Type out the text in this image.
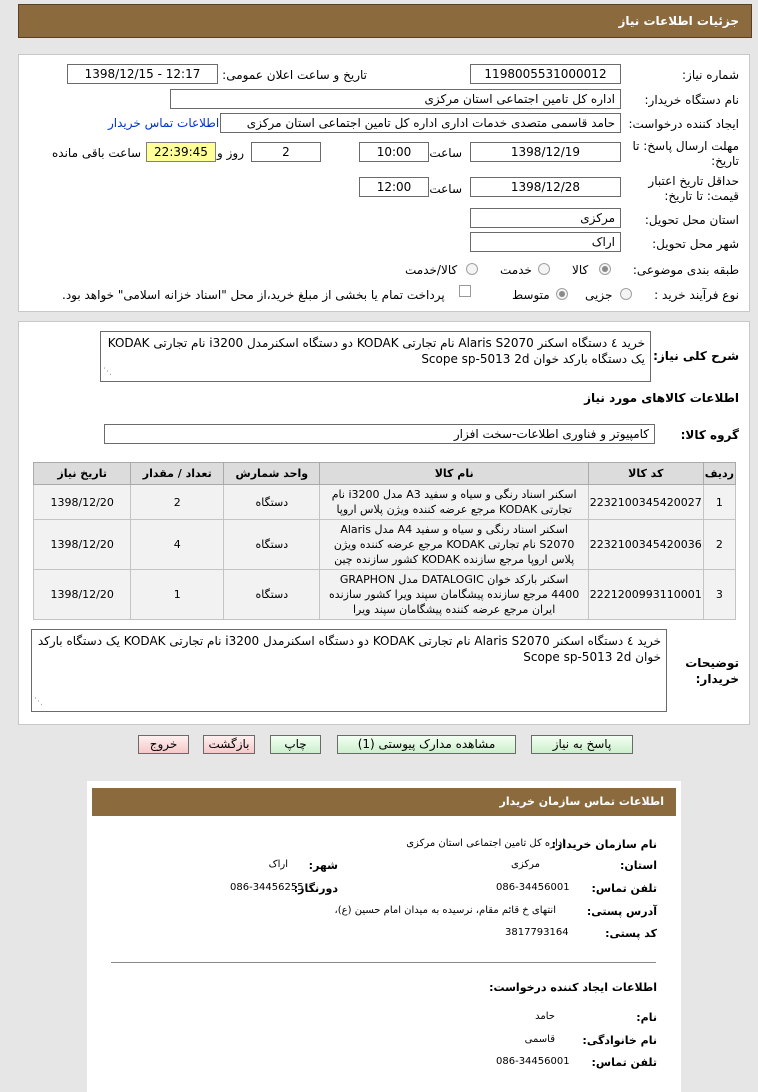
جزئیات اطلاعات نیاز
شماره نیاز:
1198005531000012
تاریخ و ساعت اعلان عمومی:
1398/12/15 - 12:17
نام دستگاه خریدار:
اداره کل تامین اجتماعی استان مرکزی
ایجاد کننده درخواست:
حامد قاسمی متصدی خدمات اداری اداره کل تامین اجتماعی استان مرکزی
اطلاعات تماس خریدار
مهلت ارسال پاسخ: تا
تاریخ:
1398/12/19
ساعت
10:00
2
روز و
22:39:45
ساعت باقی مانده
حداقل تاریخ اعتبار
قیمت: تا تاریخ:
1398/12/28
ساعت
12:00
استان محل تحویل:
مرکزی
شهر محل تحویل:
اراک
طبقه بندی موضوعی:
کالا
خدمت
کالا/خدمت
نوع فرآیند خرید :
جزیی
متوسط
پرداخت تمام یا بخشی از مبلغ خرید،از محل "اسناد خزانه اسلامی" خواهد بود.
شرح کلی نیاز:
خرید ٤ دستگاه اسکنر Alaris S2070 نام تجارتی KODAK دو دستگاه اسکنرمدل i3200 نام تجارتی KODAK یک دستگاه بارکد خوان Scope sp-5013 2d
⋰
اطلاعات کالاهای مورد نیاز
گروه کالا:
کامپیوتر و فناوری اطلاعات-سخت افزار
ردیف	کد کالا	نام کالا	واحد شمارش	تعداد / مقدار	تاریخ نیاز
1	2232100345420027	اسکنر اسناد رنگی و سیاه و سفید A3 مدل i3200 نام تجارتی KODAK مرجع عرضه کننده ویژن پلاس اروپا	دستگاه	2	1398/12/20
2	2232100345420036	اسکنر اسناد رنگی و سیاه و سفید A4 مدل Alaris S2070 نام تجارتی KODAK مرجع عرضه کننده ویژن پلاس اروپا مرجع سازنده KODAK کشور سازنده چین	دستگاه	4	1398/12/20
3	2221200993110001	اسکنر بارکد خوان DATALOGIC مدل GRAPHON 4400 مرجع سازنده پیشگامان سپند ویرا کشور سازنده ایران مرجع عرضه کننده پیشگامان سپند ویرا	دستگاه	1	1398/12/20
توضیحات
خریدار:
خرید ٤ دستگاه اسکنر Alaris S2070 نام تجارتی KODAK دو دستگاه اسکنرمدل i3200 نام تجارتی KODAK یک دستگاه بارکد خوان Scope sp-5013 2d
⋰
پاسخ به نیاز
مشاهده مدارک پیوستی (1)
چاپ
بازگشت
خروج
اطلاعات تماس سازمان خریدار
نام سازمان خریدار:
اداره کل تامین اجتماعی استان مرکزی
استان:
مرکزی
شهر:
اراک
تلفن تماس:
086-34456001
دورنگار:
086-34456255
آدرس پستی:
انتهای خ قائم مقام، نرسیده به میدان امام حسین (ع)،
کد پستی:
3817793164
اطلاعات ایجاد کننده درخواست:
نام:
حامد
نام خانوادگی:
قاسمی
تلفن تماس:
086-34456001
